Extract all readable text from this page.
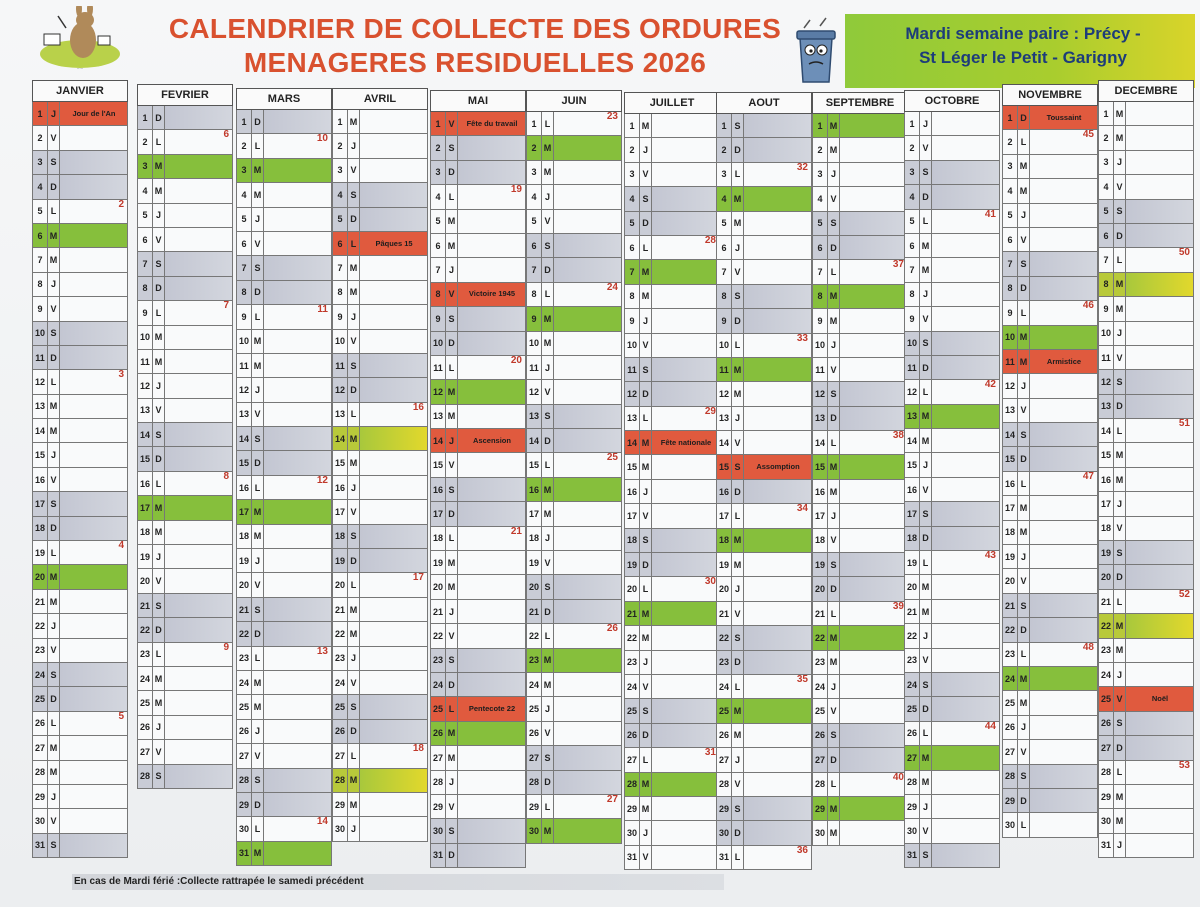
·····
CALENDRIER DE COLLECTE DES ORDURES
MENAGERES RESIDUELLES 2026
Mardi semaine paire : Précy -
St Léger le Petit - Garigny
JANVIER
1 J	Jour de l'An
2 V
3 S
4 D
5 L
2
6 M
7 M
8 J
9 V
10 S
11 D
12 L
3
13 M
14 M
15 J
16 V
17 S
18 D
19 L
4
20 M
21 M
22 J
23 V
24 S
25 D
26 L
5
27 M
28 M
29 J
30 V
31 S
FEVRIER
1 D
2 L
6
3 M
4 M
5 J
6 V
7 S
8 D
9 L
7
10 M
11 M
12 J
13 V
14 S
15 D
16 L
8
17 M
18 M
19 J
20 V
21 S
22 D
23 L
9
24 M
25 M
26 J
27 V
28 S
MARS
1 D
2 L
10
3 M
4 M
5 J
6 V
7 S
8 D
9 L
11
10 M
11 M
12 J
13 V
14 S
15 D
16 L
12
17 M
18 M
19 J
20 V
21 S
22 D
23 L
13
24 M
25 M
26 J
27 V
28 S
29 D
30 L
14
31 M
AVRIL
1 M
2 J
3 V
4 S
5 D
6 L	Pâques 15
7 M
8 M
9 J
10 V
11 S
12 D
13 L
16
14 M
15 M
16 J
17 V
18 S
19 D
20 L
17
21 M
22 M
23 J
24 V
25 S
26 D
27 L
18
28 M
29 M
30 J
MAI
1 V	Fête du travail
2 S
3 D
4 L
19
5 M
6 M
7 J
8 V	Victoire 1945
9 S
10 D
11 L
20
12 M
13 M
14 J	Ascension
15 V
16 S
17 D
18 L
21
19 M
20 M
21 J
22 V
23 S
24 D
25 L	Pentecote 22
26 M
27 M
28 J
29 V
30 S
31 D
JUIN
1 L
23
2 M
3 M
4 J
5 V
6 S
7 D
8 L
24
9 M
10 M
11 J
12 V
13 S
14 D
15 L
25
16 M
17 M
18 J
19 V
20 S
21 D
22 L
26
23 M
24 M
25 J
26 V
27 S
28 D
29 L
27
30 M
JUILLET
1 M
2 J
3 V
4 S
5 D
6 L
28
7 M
8 M
9 J
10 V
11 S
12 D
13 L
29
14 M	Fête nationale
15 M
16 J
17 V
18 S
19 D
20 L
30
21 M
22 M
23 J
24 V
25 S
26 D
27 L
31
28 M
29 M
30 J
31 V
AOUT
1 S
2 D
3 L
32
4 M
5 M
6 J
7 V
8 S
9 D
10 L
33
11 M
12 M
13 J
14 V
15 S	Assomption
16 D
17 L
34
18 M
19 M
20 J
21 V
22 S
23 D
24 L
35
25 M
26 M
27 J
28 V
29 S
30 D
31 L
36
SEPTEMBRE
1 M
2 M
3 J
4 V
5 S
6 D
7 L
37
8 M
9 M
10 J
11 V
12 S
13 D
14 L
38
15 M
16 M
17 J
18 V
19 S
20 D
21 L
39
22 M
23 M
24 J
25 V
26 S
27 D
28 L
40
29 M
30 M
OCTOBRE
1 J
2 V
3 S
4 D
5 L
41
6 M
7 M
8 J
9 V
10 S
11 D
12 L
42
13 M
14 M
15 J
16 V
17 S
18 D
19 L
43
20 M
21 M
22 J
23 V
24 S
25 D
26 L
44
27 M
28 M
29 J
30 V
31 S
NOVEMBRE
1 D	Toussaint
2 L
45
3 M
4 M
5 J
6 V
7 S
8 D
9 L
46
10 M
11 M	Armistice
12 J
13 V
14 S
15 D
16 L
47
17 M
18 M
19 J
20 V
21 S
22 D
23 L
48
24 M
25 M
26 J
27 V
28 S
29 D
30 L
DECEMBRE
1 M
2 M
3 J
4 V
5 S
6 D
7 L
50
8 M
9 M
10 J
11 V
12 S
13 D
14 L
51
15 M
16 M
17 J
18 V
19 S
20 D
21 L
52
22 M
23 M
24 J
25 V	Noël
26 S
27 D
28 L
53
29 M
30 M
31 J
En cas de Mardi férié :Collecte rattrapée le samedi précédent
